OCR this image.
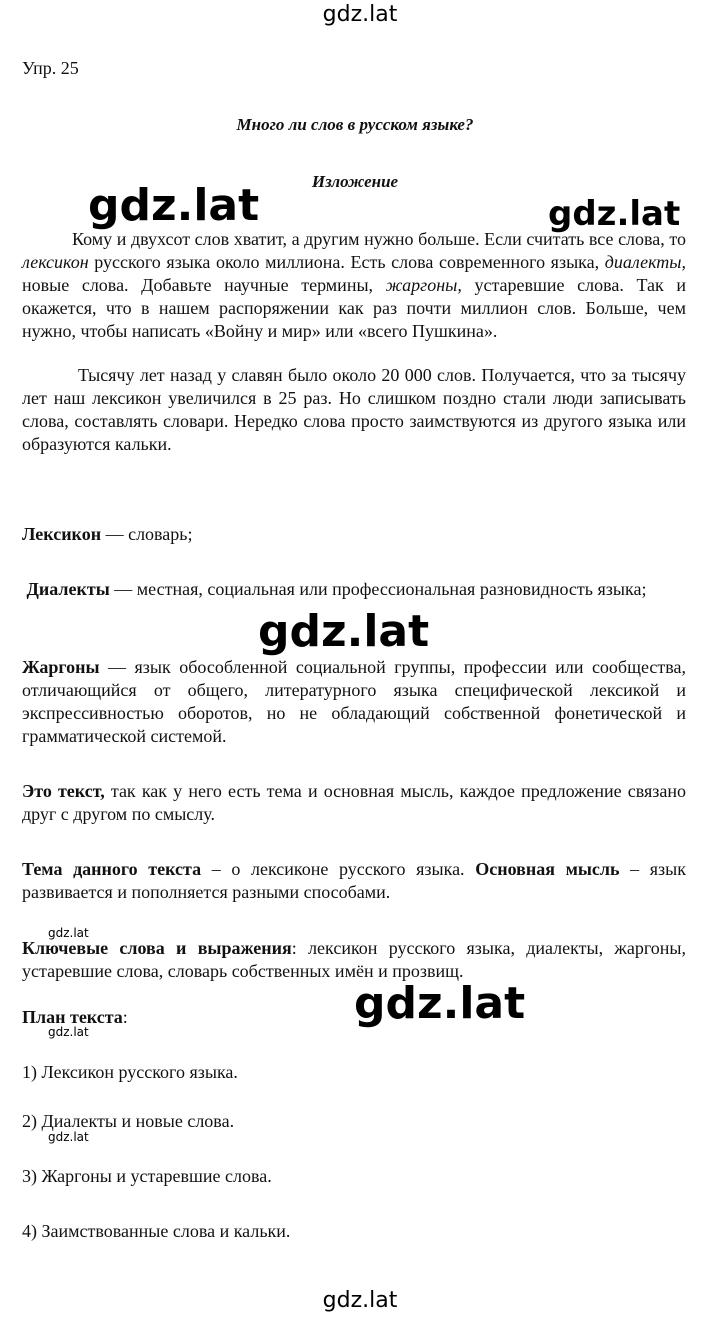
gdz.lat
gdz.lat	gdz.lat
gdz.lat
gdz.lat
gdz.lat
gdz.lat
gdz.lat
gdz.lat
Упр. 25
Много ли слов в русском языке?
Изложение
Кому и двухсот слов хватит, а другим нужно больше. Если считать все слова, то лексикон русского языка около миллиона. Есть слова современного языка, диалекты, новые слова. Добавьте научные термины, жаргоны, устаревшие слова. Так и окажется, что в нашем распоряжении как раз почти миллион слов. Больше, чем нужно, чтобы написать «Войну и мир» или «всего Пушкина».
Тысячу лет назад у славян было около 20 000 слов. Получается, что за тысячу лет наш лексикон увеличился в 25 раз. Но слишком поздно стали люди записывать слова, составлять словари. Нередко слова просто заимствуются из другого языка или образуются кальки.
Лексикон — словарь;
Диалекты — местная, социальная или профессиональная разновидность языка;
Жаргоны — язык обособленной социальной группы, профессии или сообщества, отличающийся от общего, литературного языка специфической лексикой и экспрессивностью оборотов, но не обладающий собственной фонетической и грамматической системой.
Это текст, так как у него есть тема и основная мысль, каждое предложение связано друг с другом по смыслу.
Тема данного текста – о лексиконе русского языка. Основная мысль – язык развивается и пополняется разными способами.
Ключевые слова и выражения: лексикон русского языка, диалекты, жаргоны, устаревшие слова, словарь собственных имён и прозвищ.
План текста:
1) Лексикон русского языка.
2) Диалекты и новые слова.
3) Жаргоны и устаревшие слова.
4) Заимствованные слова и кальки.
